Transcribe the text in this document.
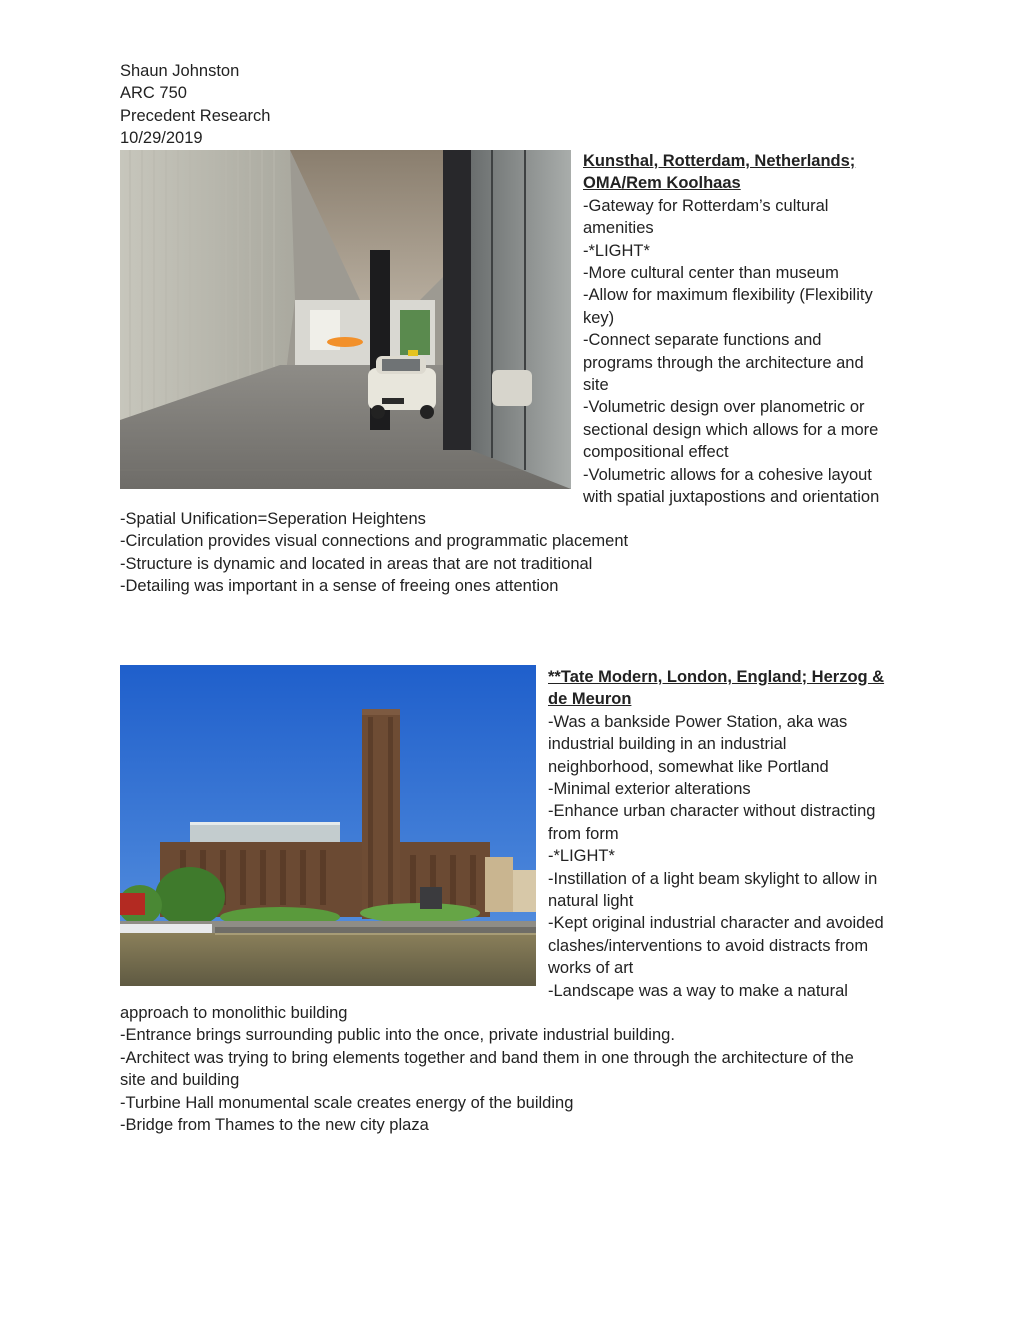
Shaun Johnston
ARC 750
Precedent Research
10/29/2019
Kunsthal, Rotterdam, Netherlands;
OMA/Rem Koolhaas
-Gateway for Rotterdam’s cultural
amenities
-*LIGHT*
-More cultural center than museum
-Allow for maximum flexibility (Flexibility
key)
-Connect separate functions and
programs through the architecture and
site
-Volumetric design over planometric or
sectional design which allows for a more
compositional effect
-Volumetric allows for a cohesive layout
with spatial juxtapostions and orientation
-Spatial Unification=Seperation Heightens
-Circulation provides visual connections and programmatic placement
-Structure is dynamic and located in areas that are not traditional
-Detailing was important in a sense of freeing ones attention
**Tate Modern, London, England; Herzog &
de Meuron
-Was a bankside Power Station, aka was
industrial building in an industrial
neighborhood, somewhat like Portland
-Minimal exterior alterations
-Enhance urban character without distracting
from form
-*LIGHT*
-Instillation of a light beam skylight to allow in
natural light
-Kept original industrial character and avoided
clashes/interventions to avoid distracts from
works of art
-Landscape was a way to make a natural
approach to monolithic building
-Entrance brings surrounding public into the once, private industrial building.
-Architect was trying to bring elements together and band them in one through the architecture of the
site and building
-Turbine Hall monumental scale creates energy of the building
-Bridge from Thames to the new city plaza
